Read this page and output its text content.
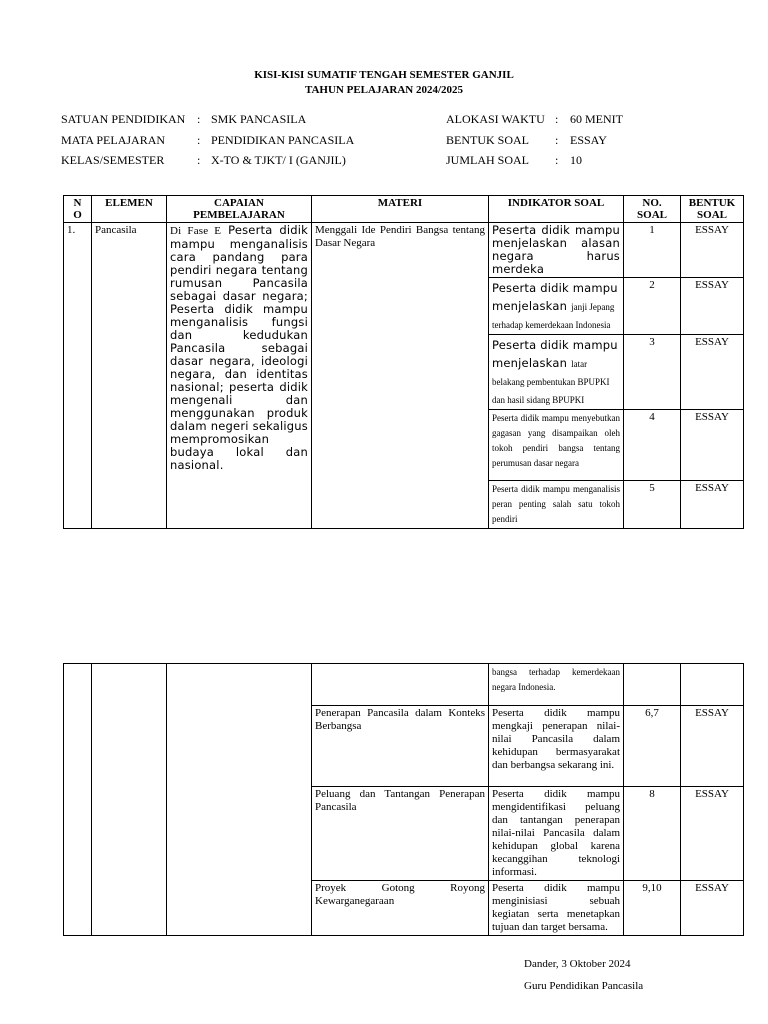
KISI-KISI SUMATIF TENGAH SEMESTER GANJIL
TAHUN PELAJARAN 2024/2025
SATUAN PENDIDIKAN : SMK PANCASILA
MATA PELAJARAN	: PENDIDIKAN PANCASILA
KELAS/SEMESTER	: X-TO & TJKT/ I (GANJIL)
ALOKASI WAKTU : 60 MENIT
BENTUK SOAL : ESSAY
JUMLAH SOAL : 10
N
O	ELEMEN	CAPAIAN PEMBELAJARAN	MATERI	INDIKATOR SOAL	NO. SOAL	BENTUK SOAL
1.	Pancasila	Di Fase E Peserta didik mampu menganalisis cara pandang para pendiri negara tentang rumusan Pancasila sebagai dasar negara; Peserta didik mampu menganalisis fungsi dan kedudukan Pancasila sebagai dasar negara, ideologi negara, dan identitas nasional; peserta didik mengenali dan menggunakan produk dalam negeri sekaligus mempromosikan budaya lokal dan nasional.	Menggali Ide Pendiri Bangsa tentang Dasar Negara	Peserta didik mampu menjelaskan alasan negara harus merdeka	1	ESSAY
				Peserta didik mampu menjelaskan janji Jepang terhadap kemerdekaan Indonesia	2	ESSAY
				Peserta didik mampu menjelaskan latar belakang pembentukan BPUPKI dan hasil sidang BPUPKI	3	ESSAY
				Peserta didik mampu menyebutkan gagasan yang disampaikan oleh tokoh pendiri bangsa tentang perumusan dasar negara	4	ESSAY
				Peserta didik mampu menganalisis peran penting salah satu tokoh pendiri	5	ESSAY
				bangsa terhadap kemerdekaan negara Indonesia.		
			Penerapan Pancasila dalam Konteks Berbangsa	Peserta didik mampu mengkaji penerapan nilai-nilai Pancasila dalam kehidupan bermasyarakat dan berbangsa sekarang ini.	6,7	ESSAY
			Peluang dan Tantangan Penerapan Pancasila	Peserta didik mampu mengidentifikasi peluang dan tantangan penerapan nilai-nilai Pancasila dalam kehidupan global karena kecanggihan teknologi informasi.	8	ESSAY
			Proyek Gotong Royong Kewarganegaraan	Peserta didik mampu menginisiasi sebuah kegiatan serta menetapkan tujuan dan target bersama.	9,10	ESSAY
Dander, 3 Oktober 2024
Guru Pendidikan Pancasila
